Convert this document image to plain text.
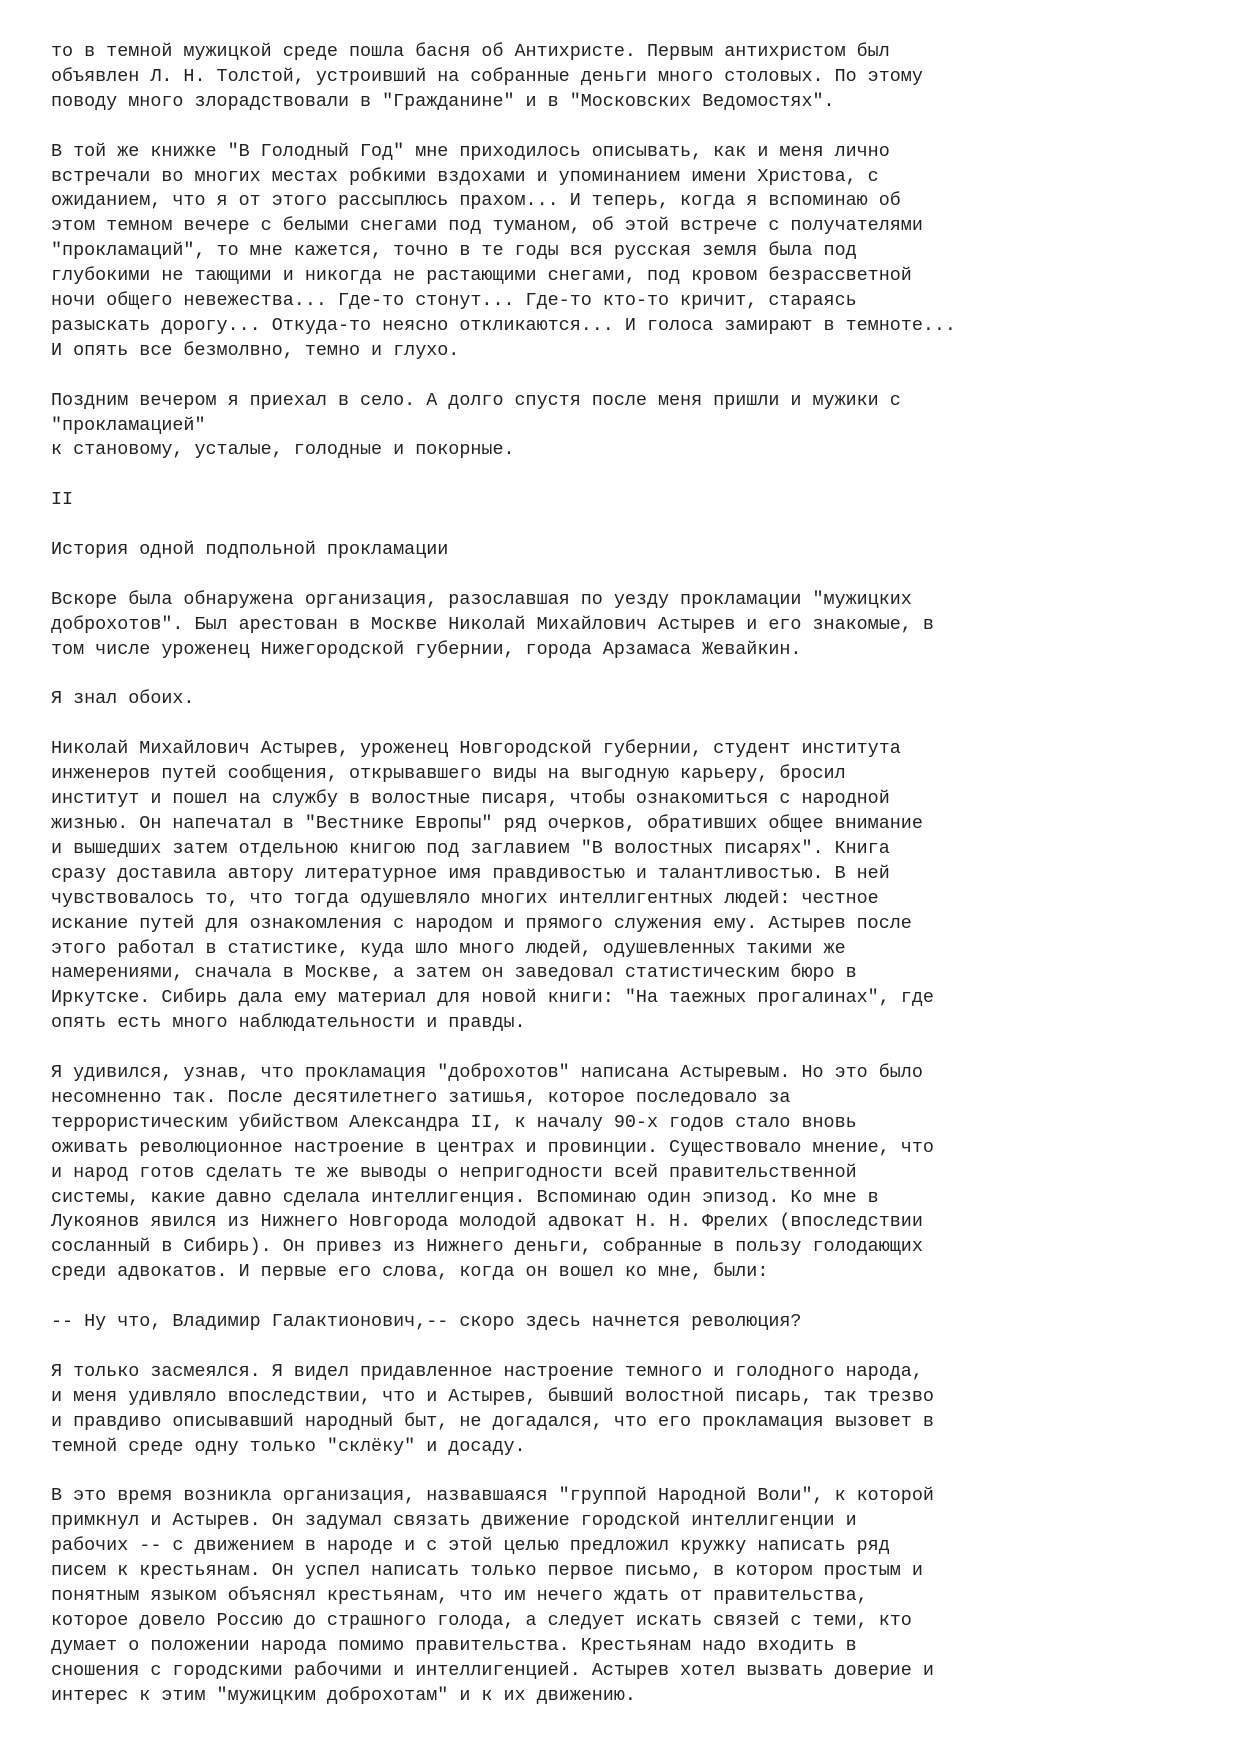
то в темной мужицкой среде пошла басня об Антихристе. Первым антихристом был
объявлен Л. Н. Толстой, устроивший на собранные деньги много столовых. По этому
поводу много злорадствовали в "Гражданине" и в "Московских Ведомостях".
В той же книжке "В Голодный Год" мне приходилось описывать, как и меня лично
встречали во многих местах робкими вздохами и упоминанием имени Христова, с
ожиданием, что я от этого рассыплюсь прахом... И теперь, когда я вспоминаю об
этом темном вечере с белыми снегами под туманом, об этой встрече с получателями
"прокламаций", то мне кажется, точно в те годы вся русская земля была под
глубокими не тающими и никогда не растающими снегами, под кровом безрассветной
ночи общего невежества... Где-то стонут... Где-то кто-то кричит, стараясь
разыскать дорогу... Откуда-то неясно откликаются... И голоса замирают в темноте...
И опять все безмолвно, темно и глухо.
Поздним вечером я приехал в село. А долго спустя после меня пришли и мужики с
"прокламацией"
к становому, усталые, голодные и покорные.
II
История одной подпольной прокламации
Вскоре была обнаружена организация, разославшая по уезду прокламации "мужицких
доброхотов". Был арестован в Москве Николай Михайлович Астырев и его знакомые, в
том числе уроженец Нижегородской губернии, города Арзамаса Жевайкин.
Я знал обоих.
Николай Михайлович Астырев, уроженец Новгородской губернии, студент института
инженеров путей сообщения, открывавшего виды на выгодную карьеру, бросил
институт и пошел на службу в волостные писаря, чтобы ознакомиться с народной
жизнью. Он напечатал в "Вестнике Европы" ряд очерков, обративших общее внимание
и вышедших затем отдельною книгою под заглавием "В волостных писарях". Книга
сразу доставила автору литературное имя правдивостью и талантливостью. В ней
чувствовалось то, что тогда одушевляло многих интеллигентных людей: честное
искание путей для ознакомления с народом и прямого служения ему. Астырев после
этого работал в статистике, куда шло много людей, одушевленных такими же
намерениями, сначала в Москве, а затем он заведовал статистическим бюро в
Иркутске. Сибирь дала ему материал для новой книги: "На таежных прогалинах", где
опять есть много наблюдательности и правды.
Я удивился, узнав, что прокламация "доброхотов" написана Астыревым. Но это было
несомненно так. После десятилетнего затишья, которое последовало за
террористическим убийством Александра II, к началу 90-х годов стало вновь
оживать революционное настроение в центрах и провинции. Существовало мнение, что
и народ готов сделать те же выводы о непригодности всей правительственной
системы, какие давно сделала интеллигенция. Вспоминаю один эпизод. Ко мне в
Лукоянов явился из Нижнего Новгорода молодой адвокат Н. Н. Фрелих (впоследствии
сосланный в Сибирь). Он привез из Нижнего деньги, собранные в пользу голодающих
среди адвокатов. И первые его слова, когда он вошел ко мне, были:
-- Ну что, Владимир Галактионович,-- скоро здесь начнется революция?
Я только засмеялся. Я видел придавленное настроение темного и голодного народа,
и меня удивляло впоследствии, что и Астырев, бывший волостной писарь, так трезво
и правдиво описывавший народный быт, не догадался, что его прокламация вызовет в
темной среде одну только "склёку" и досаду.
В это время возникла организация, назвавшаяся "группой Народной Воли", к которой
примкнул и Астырев. Он задумал связать движение городской интеллигенции и
рабочих -- с движением в народе и с этой целью предложил кружку написать ряд
писем к крестьянам. Он успел написать только первое письмо, в котором простым и
понятным языком объяснял крестьянам, что им нечего ждать от правительства,
которое довело Россию до страшного голода, а следует искать связей с теми, кто
думает о положении народа помимо правительства. Крестьянам надо входить в
сношения с городскими рабочими и интеллигенцией. Астырев хотел вызвать доверие и
интерес к этим "мужицким доброхотам" и к их движению.
